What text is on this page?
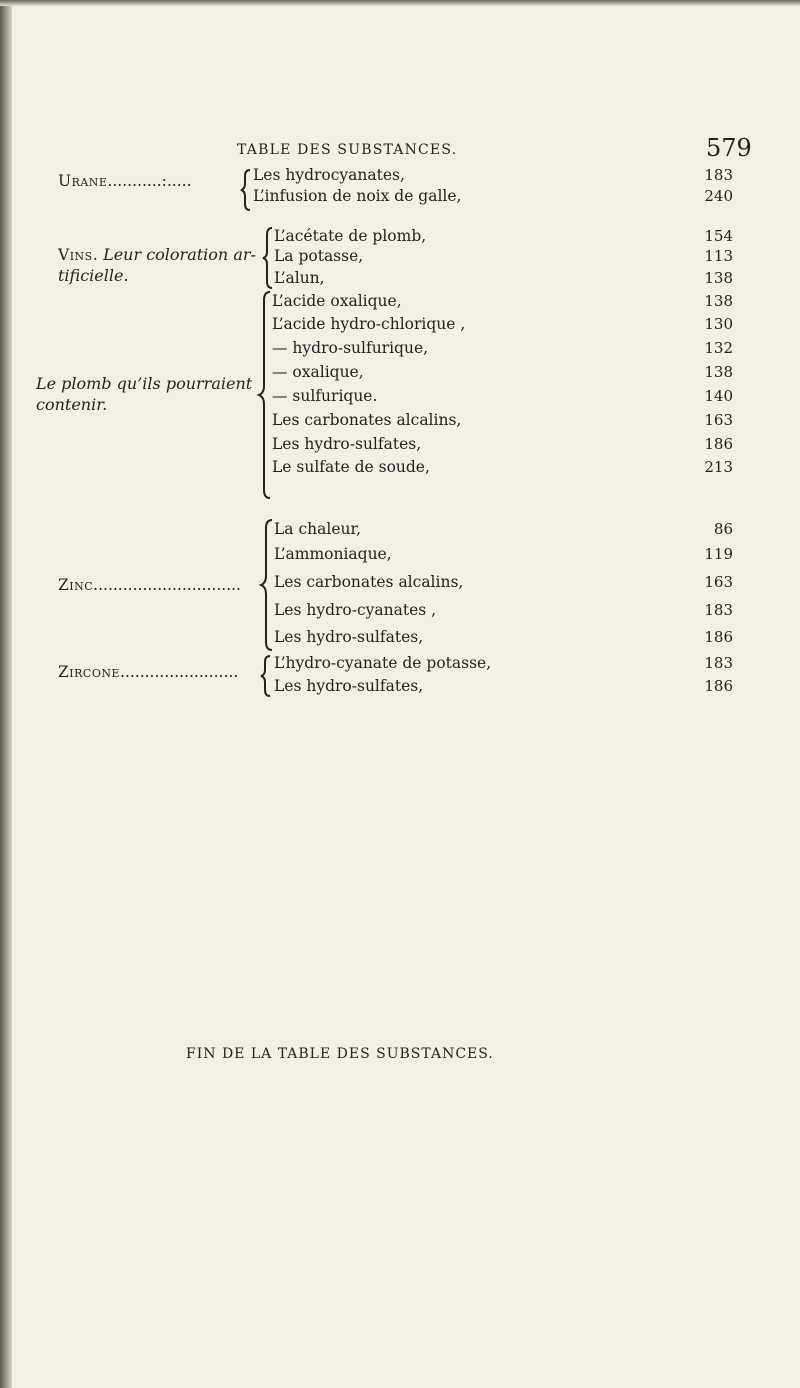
TABLE DES SUBSTANCES.	579
Urane...........:.....	Les hydrocyanates,	183
L’infusion de noix de galle,	240
Vins. Leur coloration ar-
tificielle.
L’acétate de plomb,	154
La potasse,	113
L’alun,	138
Le plomb qu’ils pourraient
contenir.
L’acide oxalique,	138
L’acide hydro-chlorique ,	130
— hydro-sulfurique,	132
— oxalique,	138
— sulfurique.	140
Les carbonates alcalins,	163
Les hydro-sulfates,	186
Le sulfate de soude,	213
Zinc..............................
La chaleur,	86
L’ammoniaque,	119
Les carbonates alcalins,	163
Les hydro-cyanates ,	183
Les hydro-sulfates,	186
Zircone........................ L’hydro-cyanate de potasse,	183
Les hydro-sulfates,	186
FIN DE LA TABLE DES SUBSTANCES.
